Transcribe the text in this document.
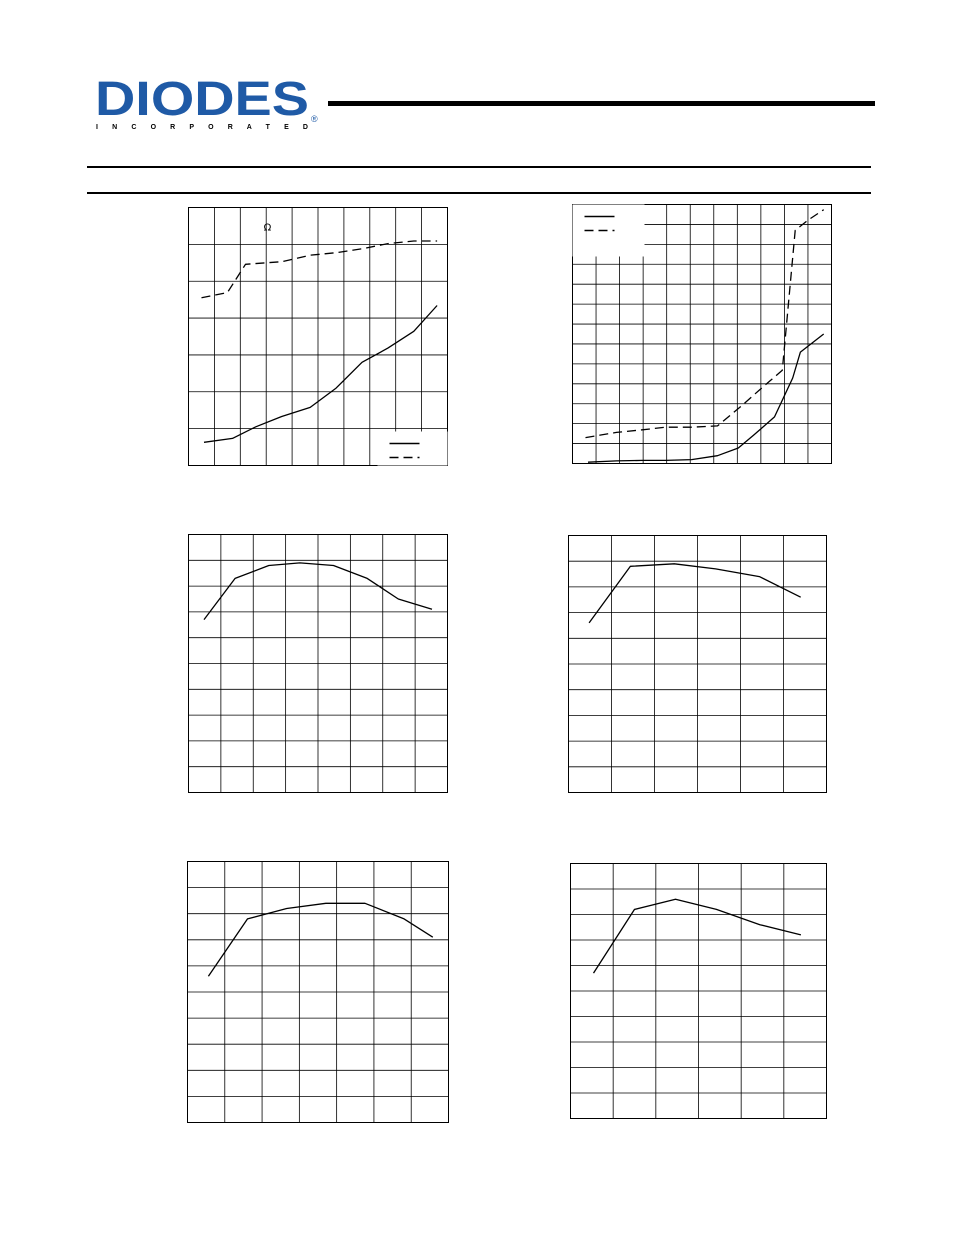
DIODES
I N C O R P O R A T E D
®
Ω
